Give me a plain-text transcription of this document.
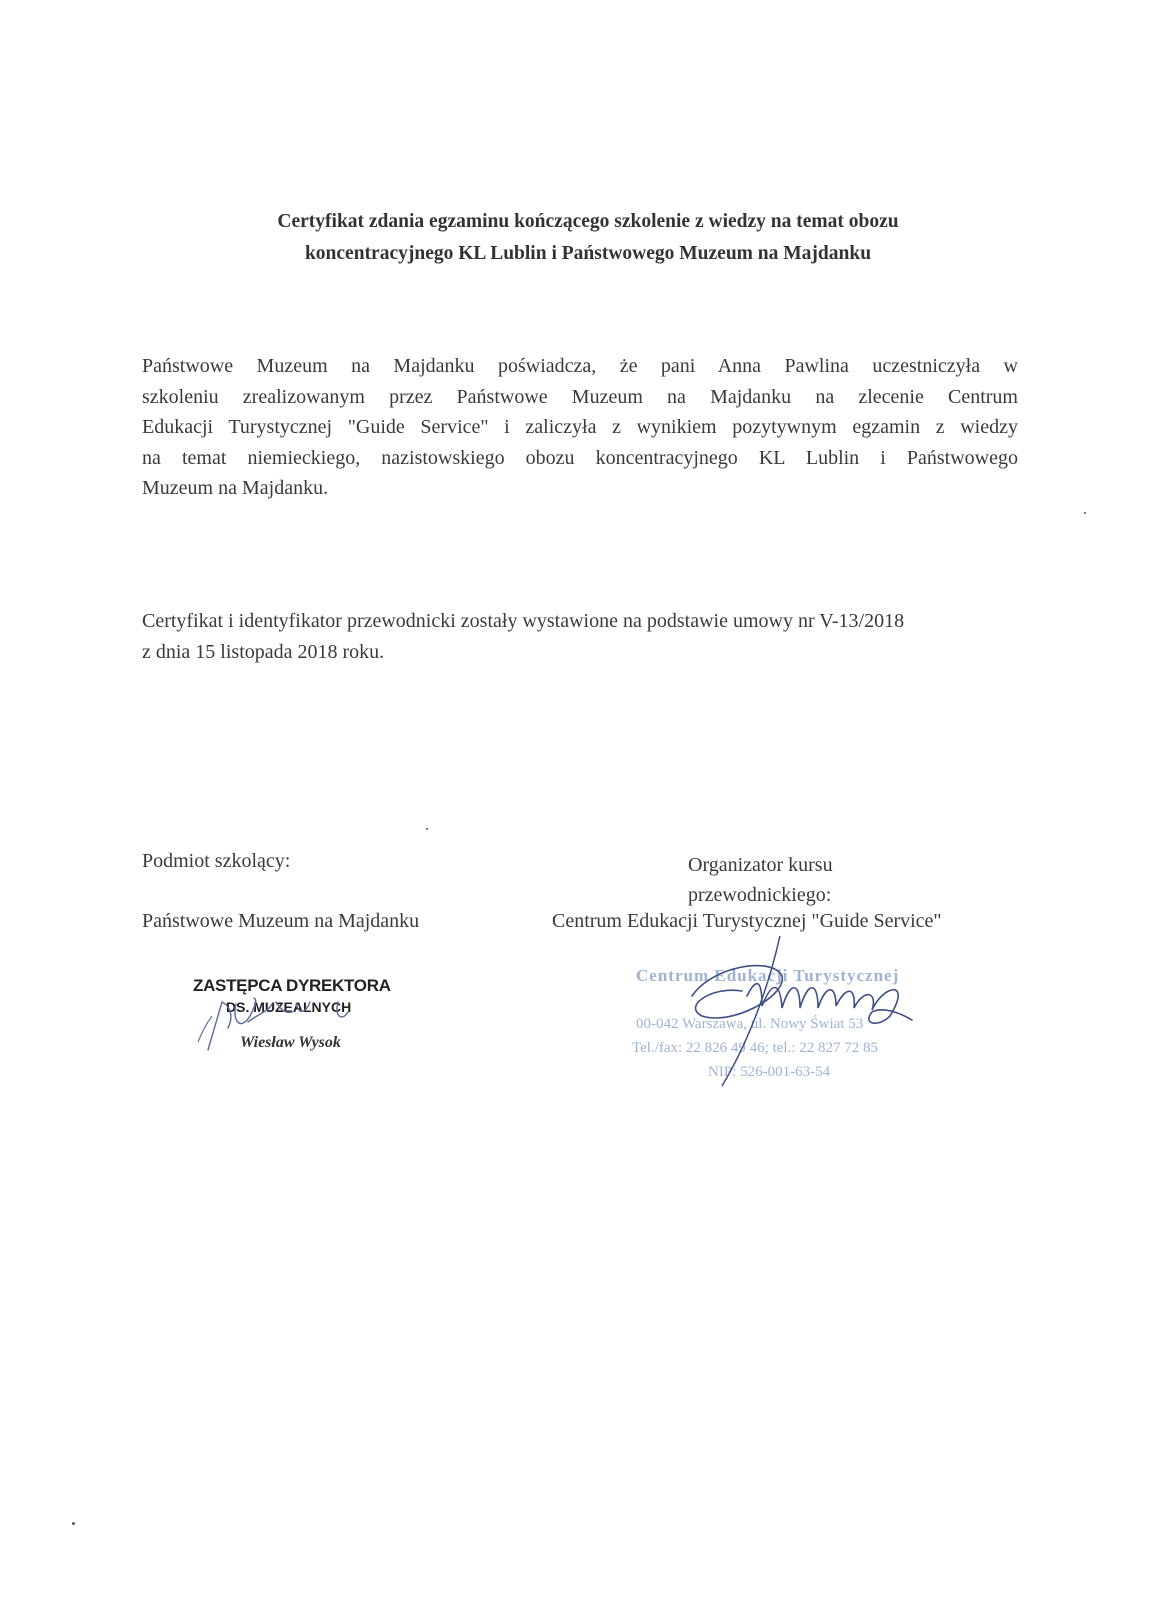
Certyfikat zdania egzaminu kończącego szkolenie z wiedzy na temat obozu
koncentracyjnego KL Lublin i Państwowego Muzeum na Majdanku
Państwowe Muzeum na Majdanku poświadcza, że pani Anna Pawlina uczestniczyła w
szkoleniu zrealizowanym przez Państwowe Muzeum na Majdanku na zlecenie Centrum
Edukacji Turystycznej "Guide Service" i zaliczyła z wynikiem pozytywnym egzamin z wiedzy
na temat niemieckiego, nazistowskiego obozu koncentracyjnego KL Lublin i Państwowego
Muzeum na Majdanku.
Certyfikat i identyfikator przewodnicki zostały wystawione na podstawie umowy nr V-13/2018
z dnia 15 listopada 2018 roku.
Podmiot szkolący:
Państwowe Muzeum na Majdanku
Organizator kursu
przewodnickiego:
Centrum Edukacji Turystycznej "Guide Service"
ZASTĘPCA DYREKTORA
DS. MUZEALNYCH
Wiesław Wysok
Centrum Edukacji Turystycznej
00-042 Warszawa, ul. Nowy Świat 53
Tel./fax: 22 826 49 46; tel.: 22 827 72 85
NIP: 526-001-63-54
